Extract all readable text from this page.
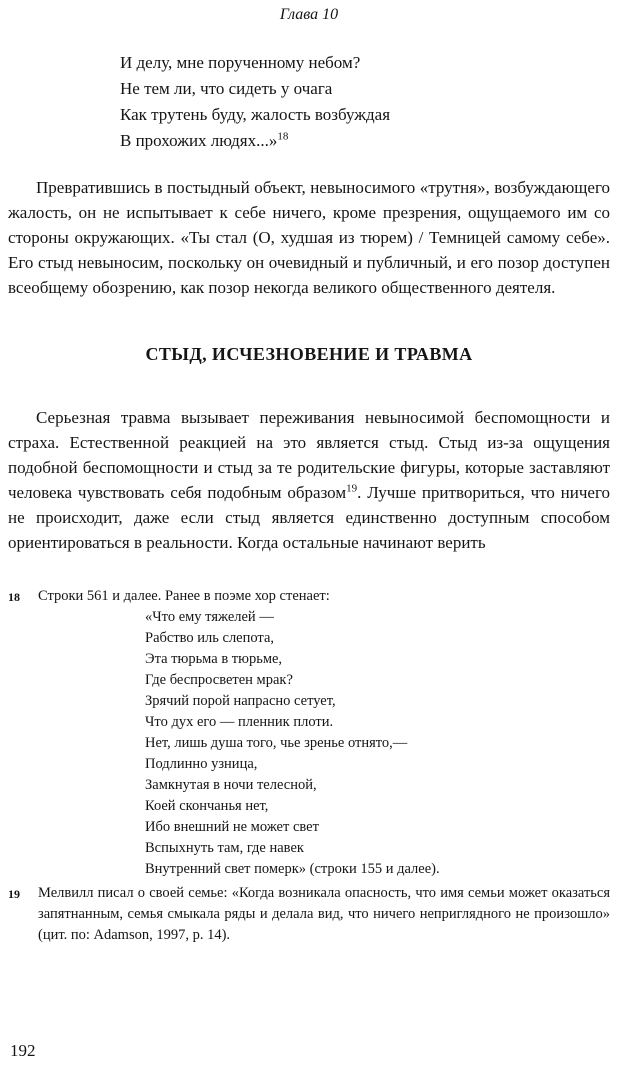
Глава 10
И делу, мне порученному небом?
Не тем ли, что сидеть у очага
Как трутень буду, жалость возбуждая
В прохожих людях...»$^{18}$

Превратившись в постыдный объект, невыносимого «трутня», возбуждающего жалость, он не испытывает к себе ничего, кроме презрения, ощущаемого им со стороны окружающих. «Ты стал (О, худшая из тюрем) / Темницей самому себе». Его стыд невыносим, поскольку он очевидный и публичный, и его позор доступен всеобщему обозрению, как позор некогда великого общественного деятеля.

СТЫД, ИСЧЕЗНОВЕНИЕ И ТРАВМА

Серьезная травма вызывает переживания невыносимой беспомощности и страха. Естественной реакцией на это является стыд. Стыд из-за ощущения подобной беспомощности и стыд за те родительские фигуры, которые заставляют человека чувствовать себя подобным образом$^{19}$. Лучше притвориться, что ничего не происходит, даже если стыд является единственно доступным способом ориентироваться в реальности. Когда остальные начинают верить

18 Строки 561 и далее. Ранее в поэме хор стенает:
«Что ему тяжелей —
Рабство иль слепота,
Эта тюрьма в тюрьме,
Где беспросветен мрак?
Зрячий порой напрасно сетует,
Что дух его — пленник плоти.
Нет, лишь душа того, чье зренье отнято,—
Подлинно узница,
Замкнутая в ночи телесной,
Коей скончанья нет,
Ибо внешний не может свет
Вспыхнуть там, где навек
Внутренний свет померк» (строки 155 и далее).
19 Мелвилл писал о своей семье: «Когда возникала опасность, что имя семьи может оказаться запятнанным, семья смыкала ряды и делала вид, что ничего неприглядного не произошло» (цит. по: Adamson, 1997, p. 14).
192
